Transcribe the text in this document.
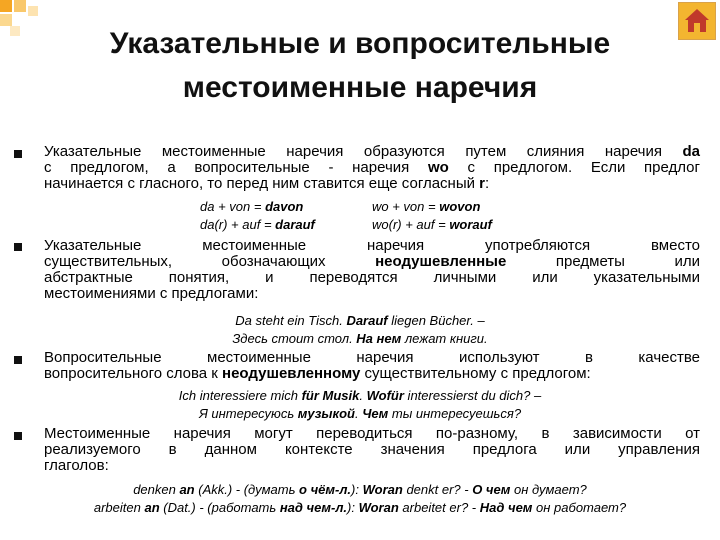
Указательные и вопросительные
местоименные наречия
Указательные местоименные наречия образуются путем слияния наречия da
с предлогом, а вопросительные - наречия wo с предлогом. Если предлог
начинается с гласного, то перед ним ставится еще согласный r:
da + von = davon
da(r) + auf = darauf
wo + von = wovon
wo(r) + auf = worauf
Указательные местоименные наречия употребляются вместо
существительных, обозначающих неодушевленные предметы или
абстрактные понятия, и переводятся личными или указательными
местоимениями с предлогами:
Da steht ein Tisch. Darauf liegen Bücher. –
Здесь стоит стол. На нем лежат книги.
Вопросительные местоименные наречия используют в качестве
вопросительного слова к неодушевленному существительному с предлогом:
Ich interessiere mich für Musik. Wofür interessierst du dich? –
Я интересуюсь музыкой. Чем ты интересуешься?
Местоименные наречия могут переводиться по-разному, в зависимости от
реализуемого в данном контексте значения предлога или управления
глаголов:
denken an (Akk.) - (думать о чём-л.): Woran denkt er? - О чем он думает?
arbeiten an (Dat.) - (работать над чем-л.): Woran arbeitet er? - Над чем он работает?
